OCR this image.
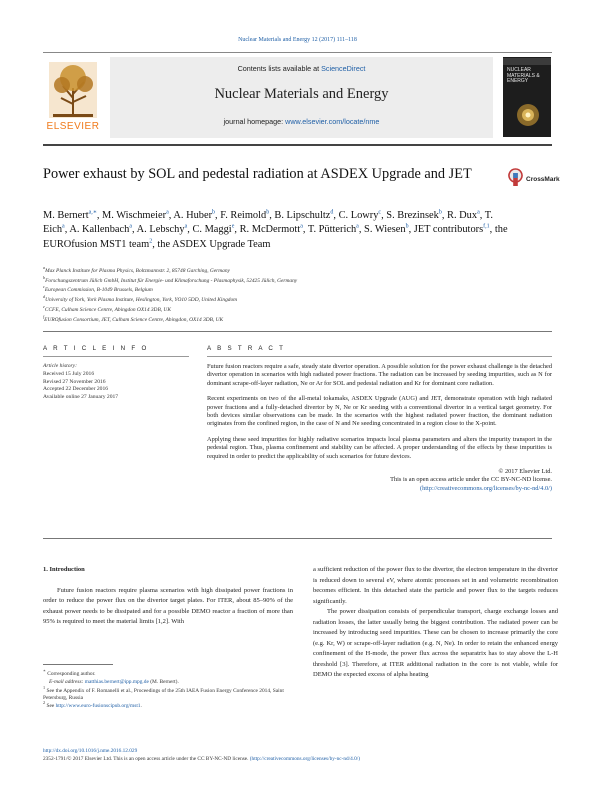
Nuclear Materials and Energy 12 (2017) 111–118
ELSEVIER
Contents lists available at ScienceDirect
Nuclear Materials and Energy
journal homepage: www.elsevier.com/locate/nme
NUCLEAR MATERIALS & ENERGY
Power exhaust by SOL and pedestal radiation at ASDEX Upgrade and JET	CrossMark
M. Bernert$^{a,∗}$, M. Wischmeier$^a$, A. Huber$^b$, F. Reimold$^b$, B. Lipschultz$^d$, C. Lowry$^c$, S. Brezinsek$^b$, R. Dux$^a$, T. Eich$^a$, A. Kallenbach$^a$, A. Lebschy$^a$, C. Maggi$^e$, R. McDermott$^a$, T. Pütterich$^a$, S. Wiesen$^b$, JET contributors$^{f,1}$, the EUROfusion MST1 team$^2$, the ASDEX Upgrade Team
$^a$Max Planck Institute for Plasma Physics, Boltzmannstr. 2, 85748 Garching, Germany
$^b$Forschungszentrum Jülich GmbH, Institut für Energie- und Klimaforschung - Plasmaphysik, 52425 Jülich, Germany
$^c$European Commission, B-1049 Brussels, Belgium
$^d$University of York, York Plasma Institute, Heslington, York, YO10 5DD, United Kingdom
$^e$CCFE, Culham Science Centre, Abingdon OX14 3DB, UK
$^f$EUROfusion Consortium, JET, Culham Science Centre, Abingdon, OX14 3DB, UK
A R T I C L E I N F O
Article history:
Received 15 July 2016
Revised 27 November 2016
Accepted 22 December 2016
Available online 27 January 2017
A B S T R A C T

Future fusion reactors require a safe, steady state divertor operation. A possible solution for the power exhaust challenge is the detached divertor operation in scenarios with high radiated power fractions. The radiation can be increased by seeding impurities, such as N for dominant scrape-off-layer radiation, Ne or Ar for SOL and pedestal radiation and Kr for dominant core radiation.

Recent experiments on two of the all-metal tokamaks, ASDEX Upgrade (AUG) and JET, demonstrate operation with high radiated power fractions and a fully-detached divertor by N, Ne or Kr seeding with a conventional divertor in a vertical target geometry. For both devices similar observations can be made. In the scenarios with the highest radiated power fraction, the dominant radiation originates from the confined region, in the case of N and Ne seeding concentrated in a region close to the X-point.

Applying these seed impurities for highly radiative scenarios impacts local plasma parameters and alters the impurity transport in the pedestal region. Thus, plasma confinement and stability can be affected. A proper understanding of the effects by these impurities is required in order to predict the applicability of such scenarios for future devices.

© 2017 Elsevier Ltd.

This is an open access article under the CC BY-NC-ND license.

(http://creativecommons.org/licenses/by-nc-nd/4.0/)

1. Introduction

Future fusion reactors require plasma scenarios with high dissipated power fractions in order to reduce the power flux on the divertor target plates. For ITER, about 85–90% of the exhaust power needs to be dissipated and for a possible DEMO reactor a fraction of more than 95% is required to meet the material limits [1,2]. With

a sufficient reduction of the power flux to the divertor, the electron temperature in the divertor is reduced down to several eV, where atomic processes set in and volumetric recombination becomes efficient. In this detached state the particle and power flux to the targets reduces significantly.

The power dissipation consists of perpendicular transport, charge exchange losses and radiation losses, the latter usually being the biggest contribution. The radiated power can be increased by introducing seed impurities. These can be chosen to increase primarily the core (e.g. Kr, W) or scrape-off-layer radiation (e.g. N, Ne). In order to retain the enhanced energy confinement of the H-mode, the power flux across the separatrix has to stay above the L-H threshold [3]. Therefore, at ITER additional radiation in the core is not viable, while for DEMO the expected excess of alpha heating

∗ Corresponding author.

E-mail address: matthias.bernert@ipp.mpg.de (M. Bernert).

$^1$ See the Appendix of F. Romanelli et al., Proceedings of the 25th IAEA Fusion Energy Conference 2014, Saint Petersburg, Russia

$^2$ See http://www.euro-fusionscipub.org/mst1.

http://dx.doi.org/10.1016/j.nme.2016.12.029
2352-1791/© 2017 Elsevier Ltd. This is an open access article under the CC BY-NC-ND license. (http://creativecommons.org/licenses/by-nc-nd/4.0/)
